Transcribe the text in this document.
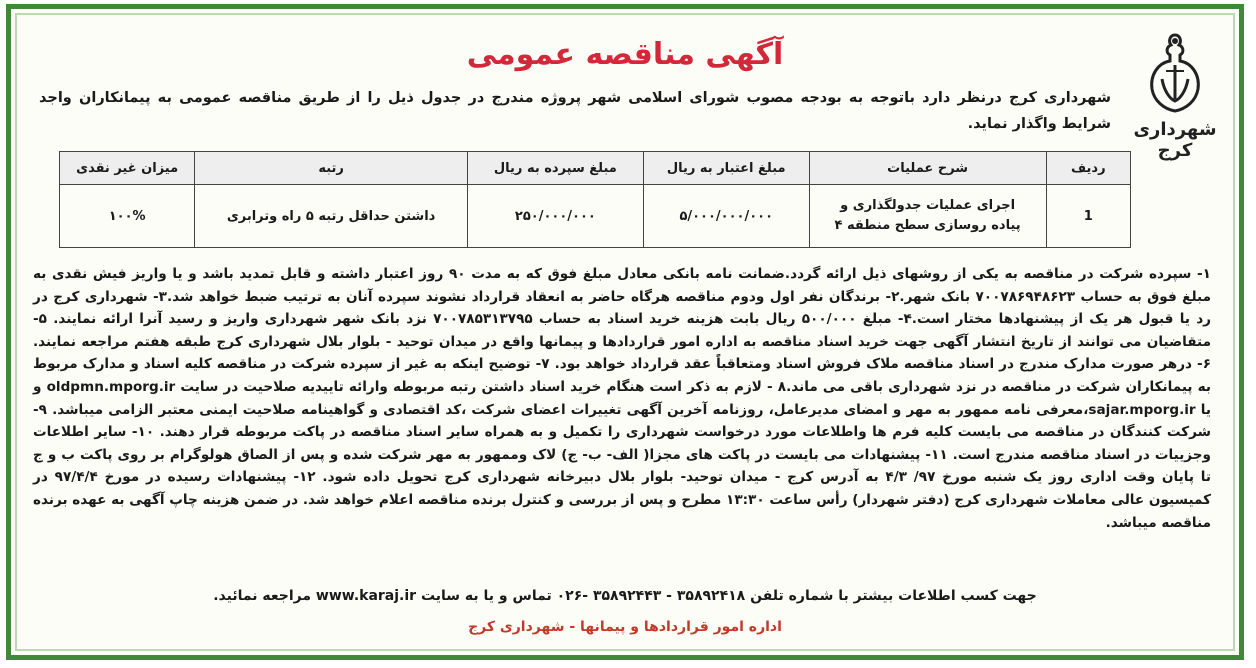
شهرداری کرج
آگهی مناقصه عمومی
شهرداری کرج درنظر دارد باتوجه به بودجه مصوب شورای اسلامی شهر پروژه مندرج در جدول ذیل را از طریق مناقصه عمومی به پیمانکاران واجد شرایط واگذار نماید.
ردیف	شرح عملیات	مبلغ اعتبار به ریال	مبلغ سپرده به ریال	رتبه	میزان غیر نقدی
1	اجرای عملیات جدولگذاری و پیاده روسازی سطح منطقه ۴	۵/۰۰۰/۰۰۰/۰۰۰	۲۵۰/۰۰۰/۰۰۰	داشتن حداقل رتبه ۵ راه وترابری	۱۰۰%
۱- سپرده شرکت در مناقصه به یکی از روشهای ذیل ارائه گردد.ضمانت نامه بانکی معادل مبلغ فوق که به مدت ۹۰ روز اعتبار داشته و قابل تمدید باشد و یا واریز فیش نقدی به مبلغ فوق به حساب ۷۰۰۷۸۶۹۴۸۶۲۳ بانک شهر.۲- برندگان نفر اول ودوم مناقصه هرگاه حاضر به انعقاد قرارداد نشوند سپرده آنان به ترتیب ضبط خواهد شد.۳- شهرداری کرج در رد یا قبول هر یک از پیشنهادها مختار است.۴- مبلغ ۵۰۰/۰۰۰ ریال بابت هزینه خرید اسناد به حساب ۷۰۰۷۸۵۳۱۳۷۹۵ نزد بانک شهر شهرداری واریز و رسید آنرا ارائه نمایند. ۵- متقاضیان می توانند از تاریخ انتشار آگهی جهت خرید اسناد مناقصه به اداره امور قراردادها و پیمانها واقع در میدان توحید - بلوار بلال شهرداری کرج طبقه هفتم مراجعه نمایند. ۶- درهر صورت مدارک مندرج در اسناد مناقصه ملاک فروش اسناد ومتعاقباً عقد قرارداد خواهد بود. ۷- توضیح اینکه به غیر از سپرده شرکت در مناقصه کلیه اسناد و مدارک مربوط به پیمانکاران شرکت در مناقصه در نزد شهرداری باقی می ماند.۸ - لازم به ذکر است هنگام خرید اسناد داشتن رتبه مربوطه وارائه تاییدیه صلاحیت در سایت oldpmn.mporg.ir و یا sajar.mporg.ir،معرفی نامه ممهور به مهر و امضای مدیرعامل، روزنامه آخرین آگهی تغییرات اعضای شرکت ،کد اقتصادی و گواهینامه صلاحیت ایمنی معتبر الزامی میباشد. ۹- شرکت کنندگان در مناقصه می بایست کلیه فرم ها واطلاعات مورد درخواست شهرداری را تکمیل و به همراه سایر اسناد مناقصه در پاکت مربوطه قرار دهند. ۱۰- سایر اطلاعات وجزییات در اسناد مناقصه مندرج است. ۱۱- پیشنهادات می بایست در پاکت های مجزا( الف- ب- ج) لاک وممهور به مهر شرکت شده و پس از الصاق هولوگرام بر روی پاکت ب و ج تا پایان وقت اداری روز یک شنبه مورخ ۹۷/ ۴/۳ به آدرس کرج - میدان توحید- بلوار بلال دبیرخانه شهرداری کرج تحویل داده شود. ۱۲- پیشنهادات رسیده در مورخ ۹۷/۴/۴ در کمیسیون عالی معاملات شهرداری کرج (دفتر شهردار) رأس ساعت ۱۳:۳۰ مطرح و پس از بررسی و کنترل برنده مناقصه اعلام خواهد شد. در ضمن هزینه چاپ آگهی به عهده برنده مناقصه میباشد.
جهت کسب اطلاعات بیشتر با شماره تلفن ۳۵۸۹۲۴۱۸ - ۳۵۸۹۲۴۴۳ -۰۲۶ تماس و یا به سایت www.karaj.ir مراجعه نمائید.
اداره امور قراردادها و پیمانها - شهرداری کرج
